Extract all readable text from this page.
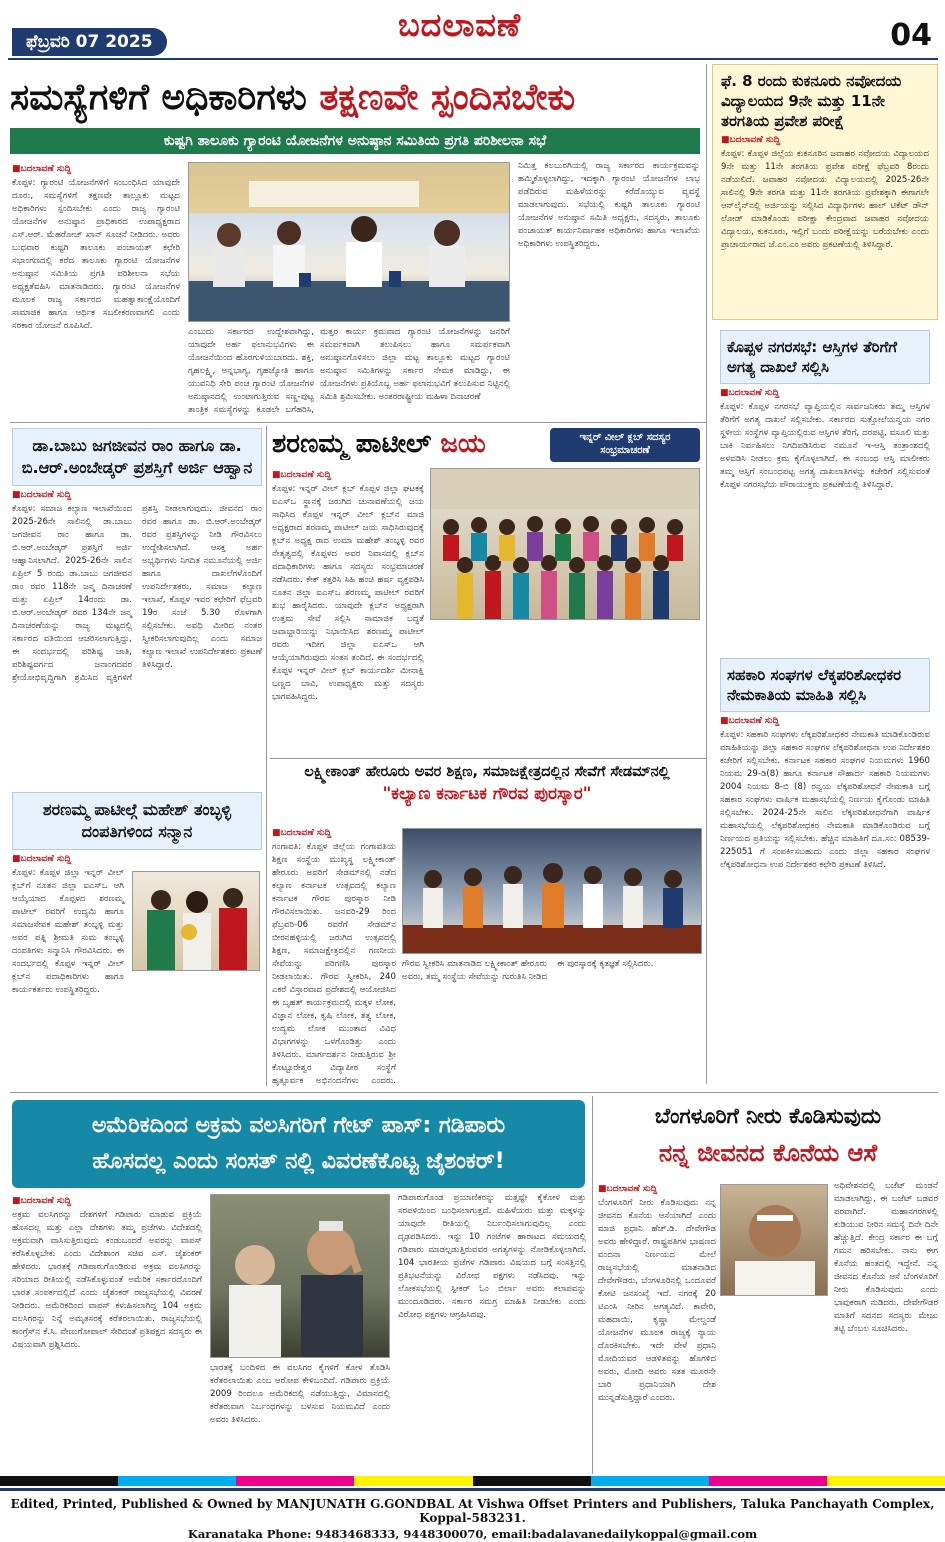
ಫೆಬ್ರವರಿ 07 2025	ಬದಲಾವಣೆ	04
ಸಮಸ್ಯೆಗಳಿಗೆ ಅಧಿಕಾರಿಗಳು ತಕ್ಷಣವೇ ಸ್ಪಂದಿಸಬೇಕು
ಕುಷ್ಟಗಿ ತಾಲೂಕು ಗ್ಯಾರಂಟಿ ಯೋಜನೆಗಳ ಅನುಷ್ಠಾನ ಸಮಿತಿಯ ಪ್ರಗತಿ ಪರಿಶೀಲನಾ ಸಭೆ
■ ಬದಲಾವಣೆ ಸುದ್ದಿ
ಕೊಪ್ಪಳ: ಗ್ಯಾರಂಟಿ ಯೋಜನೆಗಳಿಗೆ ಸಂಬಂಧಿಸಿದ ಯಾವುದೇ ದೂರು, ಸಮಸ್ಯೆಗಳಿಗೆ ತಕ್ಷಣವೇ ತಾಲ್ಲೂಕು ಮಟ್ಟದ ಅಧಿಕಾರಿಗಳು ಸ್ಪಂದಿಸಬೇಕು ಎಂದು ರಾಜ್ಯ ಗ್ಯಾರಂಟಿ ಯೋಜನೆಗಳ ಅನುಷ್ಠಾನ ಪ್ರಾಧಿಕಾರದ ಉಪಾಧ್ಯಕ್ಷರಾದ ಎಸ್.ಆರ್. ಮೆಹರೋಜ್ ಖಾನ್ ಸೂಚನೆ ನೀಡಿದರು. ಅವರು ಬುಧವಾರ ಕುಷ್ಟಗಿ ತಾಲೂಕು ಪಂಚಾಯತ್ ಕಛೇರಿ ಸಭಾಂಗಣದಲ್ಲಿ ಕರೆದ ತಾಲೂಕು ಗ್ಯಾರಂಟಿ ಯೋಜನೆಗಳ ಅನುಷ್ಠಾನ ಸಮಿತಿಯ ಪ್ರಗತಿ ಪರಿಶೀಲನಾ ಸಭೆಯ ಅಧ್ಯಕ್ಷತೆವಹಿಸಿ ಮಾತನಾಡಿದರು. ಗ್ಯಾರಂಟಿ ಯೋಜನೆಗಳ ಮೂಲಕ ರಾಜ್ಯ ಸರ್ಕಾರದ ಮಹತ್ವಾಕಾಂಕ್ಷೆಯೊಂದಿಗೆ ಸಾಮಾಜಿಕ ಹಾಗೂ ಆರ್ಥಿಕ ಸಬಲೀಕರಣವಾಗಲಿ ಎಂದು ಸರಕಾರ ಯೋಜನೆ ರೂಪಿಸಿದೆ.
ಎಂಬುದು ಸರ್ಕಾರದ ಉದ್ದೇಶವಾಗಿದ್ದು, ಯಾವುದೇ ಅರ್ಹ ಫಲಾನುಭವಿಗಳು ಈ ಯೋಜನೆಯಿಂದ ಹೊರಗುಳಿಯಬಾರದು. ಶಕ್ತಿ, ಗೃಹಲಕ್ಷ್ಮಿ, ಅನ್ನಭಾಗ್ಯ, ಗೃಹಜ್ಯೋತಿ ಹಾಗೂ ಯುವನಿಧಿ ಸೇರಿ ಪಂಚ ಗ್ಯಾರಂಟಿ ಯೋಜನೆಗಳ ಅನುಷ್ಠಾನದಲ್ಲಿ ಉಂಟಾಗುತ್ತಿರುವ ಸಣ್ಣ-ಪುಟ್ಟ ತಾಂತ್ರಿಕ ಸಮಸ್ಯೆಗಳನ್ನು ಕೂಡಲೇ ಬಗೆಹರಿಸಿ,
ಮತ್ತರ ಕಾರ್ಯ ಕ್ರಮವಾದ ಗ್ಯಾರಂಟಿ ಯೋಜನೆಗಳನ್ನು ಜನರಿಗೆ ಸಮರ್ಪಕವಾಗಿ ತಲುಪಿಸಲು ಹಾಗೂ ಸಮರ್ಪಕವಾಗಿ ಅನುಷ್ಠಾನಗೊಳಿಸಲು ಜಿಲ್ಲಾ ಮಟ್ಟ ತಾಲ್ಲೂಕು ಮಟ್ಟದ ಗ್ಯಾರಂಟಿ ಅನುಷ್ಠಾನ ಸಮಿತಿಗಳನ್ನು ಸರ್ಕಾರ ನೇಮಕ ಮಾಡಿದ್ದು, ಈ ಯೋಜನೆಗಳು ಪ್ರತಿಯೊಬ್ಬ ಅರ್ಹ ಫಲಾನುಭವಿಗೆ ತಲುಪಿಸುವ ನಿಟ್ಟಿನಲ್ಲಿ ಸಮಿತಿ ಶ್ರಮಿಸಬೇಕು. ಅಂತರರಾಷ್ಟ್ರೀಯ ಮಹಿಳಾ ದಿನಾಚರಣೆ
ನಿಮಿತ್ತ ಕಲಬುರಗಿಯಲ್ಲಿ ರಾಜ್ಯ ಸರ್ಕಾರದ ಕಾರ್ಯಕ್ರಮವನ್ನು ಹಮ್ಮಿಕೊಳ್ಳಲಾಗಿದ್ದು, ಇದಕ್ಕಾಗಿ ಗ್ಯಾರಂಟಿ ಯೋಜನೆಗಳ ಲಾಭ ಪಡೆದಿರುವ ಮಹಿಳೆಯರನ್ನು ಕರೆದೊಯ್ಯುವ ವ್ಯವಸ್ಥೆ ಮಾಡಲಾಗುವುದು. ಸಭೆಯಲ್ಲಿ ಕುಷ್ಟಗಿ ತಾಲೂಕು ಗ್ಯಾರಂಟಿ ಯೋಜನೆಗಳ ಅನುಷ್ಠಾನ ಸಮಿತಿ ಅಧ್ಯಕ್ಷರು, ಸದಸ್ಯರು, ತಾಲೂಕು ಪಂಚಾಯತ್ ಕಾರ್ಯನಿರ್ವಾಹಕ ಅಧಿಕಾರಿಗಳು ಹಾಗೂ ಇಲಾಖೆಯ ಅಧಿಕಾರಿಗಳು ಉಪಸ್ಥಿತರಿದ್ದರು.
ಫೆ. 8 ರಂದು ಕುಕನೂರು ನವೋದಯ ವಿದ್ಯಾಲಯದ 9ನೇ ಮತ್ತು 11ನೇ ತರಗತಿಯ ಪ್ರವೇಶ ಪರೀಕ್ಷೆ
■ ಬದಲಾವಣೆ ಸುದ್ದಿ
ಕೊಪ್ಪಳ: ಕೊಪ್ಪಳ ಜಿಲ್ಲೆಯ ಕುಕನೂರಿನ ಜವಾಹರ ನವೋದಯ ವಿದ್ಯಾಲಯದ 9ನೇ ಮತ್ತು 11ನೇ ತರಗತಿಯ ಪ್ರವೇಶ ಪರೀಕ್ಷೆ ಫೆಬ್ರವರಿ 8ರಂದು ನಡೆಯಲಿದೆ. ಜವಾಹರ ನವೋದಯ ವಿದ್ಯಾಲಯದಲ್ಲಿ 2025-26ನೇ ಸಾಲಿನಲ್ಲಿ 9ನೇ ತರಗತಿ ಮತ್ತು 11ನೇ ತರಗತಿಯ ಪ್ರವೇಶಕ್ಕಾಗಿ ಈಗಾಗಲೇ ಆನ್‌ಲೈನ್‌ನಲ್ಲಿ ಅರ್ಜಿಯನ್ನು ಸಲ್ಲಿಸಿದ ವಿದ್ಯಾರ್ಥಿಗಳು ಹಾಲ್ ಟಿಕೆಟ್ ಡೌನ್ ಲೋಡ್ ಮಾಡಿಕೊಂಡು ಪರೀಕ್ಷಾ ಕೇಂದ್ರವಾದ ಜವಾಹರ ನವೋದಯ ವಿದ್ಯಾಲಯ, ಕುಕನೂರು, ಇಲ್ಲಿಗೆ ಬಂದು ಪರೀಕ್ಷೆಯನ್ನು ಬರೆಯಬೇಕು ಎಂದು ಪ್ರಾಚಾರ್ಯರಾದ ಜೆ.ಎಂ.ಎಂ ಅವರು ಪ್ರಕಟಣೆಯಲ್ಲಿ ತಿಳಿಸಿದ್ದಾರೆ.
ಕೊಪ್ಪಳ ನಗರಸಭೆ: ಆಸ್ತಿಗಳ ತೆರಿಗೆಗೆ ಅಗತ್ಯ ದಾಖಲೆ ಸಲ್ಲಿಸಿ
■ ಬದಲಾವಣೆ ಸುದ್ದಿ
ಕೊಪ್ಪಳ: ಕೊಪ್ಪಳ ನಗರಸಭೆ ವ್ಯಾಪ್ತಿಯಲ್ಲಿನ ಸಾರ್ವಜನಿಕರು ತಮ್ಮ ಆಸ್ತಿಗಳ ತೆರಿಗೆಗೆ ಅಗತ್ಯ ದಾಖಲೆ ಸಲ್ಲಿಸಬೇಕು. ಸರ್ಕಾರದ ಸುತ್ತೋಲೆಯನ್ವಯ ನಗರ ಸ್ಥಳೀಯ ಸಂಸ್ಥೆಗಳ ವ್ಯಾಪ್ತಿಯಲ್ಲಿರುವ ಆಸ್ತಿಗಳ ತೆರಿಗೆ, ದರಪಟ್ಟಿ, ವಸೂಲಿ ಮತ್ತು ಬಾಕಿ ನಿರ್ವಹಿಸಲು ನಿಗದಿಪಡಿಸಿರುವ ನಮೂನೆ ಇ-ಆಸ್ತಿ ತಂತ್ರಾಂಶದಲ್ಲಿ ಅಳವಡಿಸಿ ನೀಡಲು ಕ್ರಮ ಕೈಗೊಳ್ಳಲಾಗಿದೆ. ಈ ಸಂಬಂಧ ಆಸ್ತಿ ಮಾಲೀಕರು ತಮ್ಮ ಆಸ್ತಿಗೆ ಸಂಬಂಧಪಟ್ಟ ಅಗತ್ಯ ದಾಖಲಾತಿಗಳನ್ನು ಕಚೇರಿಗೆ ಸಲ್ಲಿಸುವಂತೆ ಕೊಪ್ಪಳ ನಗರಸಭೆಯ ಪೌರಾಯುಕ್ತರು ಪ್ರಕಟಣೆಯಲ್ಲಿ ತಿಳಿಸಿದ್ದಾರೆ.
ಸಹಕಾರಿ ಸಂಘಗಳ ಲೆಕ್ಕಪರಿಶೋಧಕರ ನೇಮಕಾತಿಯ ಮಾಹಿತಿ ಸಲ್ಲಿಸಿ
■ ಬದಲಾವಣೆ ಸುದ್ದಿ
ಕೊಪ್ಪಳ: ಸಹಕಾರಿ ಸಂಘಗಳು ಲೆಕ್ಕಪರಿಶೋಧಕರ ನೇಮಕಾತಿ ಮಾಡಿಕೊಂಡಿರುವ ಮಾಹಿತಿಯನ್ನು ಜಿಲ್ಲಾ ಸಹಕಾರ ಸಂಘಗಳ ಲೆಕ್ಕಪರಿಶೋಧನಾ ಉಪ ನಿರ್ದೇಶಕರ ಕಚೇರಿಗೆ ಸಲ್ಲಿಸಬೇಕು. ಕರ್ನಾಟಕ ಸಹಕಾರ ಸಂಘಗಳ ನಿಯಮಗಳು 1960 ನಿಯಮ 29-ಡಿ(8) ಹಾಗೂ ಕರ್ನಾಟಕ ಸೌಹಾರ್ದ ಸಹಕಾರಿ ನಿಯಮಗಳು 2004 ನಿಯಮ 8-ಬಿ (8) ರನ್ವಯ ಲೆಕ್ಕಪರಿಶೋಧನೆ ನೇಮಕಾತಿ ಬಗ್ಗೆ ಸಹಕಾರ ಸಂಘಗಳು ವಾರ್ಷಿಕ ಮಹಾಸಭೆಯಲ್ಲಿ ನಿರ್ಣಯ ಕೈಗೊಂಡು ಮಾಹಿತಿ ಸಲ್ಲಿಸಬೇಕು. 2024-25ನೇ ಸಾಲಿನ ಲೆಕ್ಕಪರಿಶೋಧನೆಗಾಗಿ ವಾರ್ಷಿಕ ಮಹಾಸಭೆಯಲ್ಲಿ ಲೆಕ್ಕಪರಿಶೋಧಕರ ನೇಮಕಾತಿ ಮಾಡಿಕೊಂಡಿರುವ ಬಗ್ಗೆ ನಿರ್ಣಯದ ಪ್ರತಿಯನ್ನು ಸಲ್ಲಿಸಬೇಕು. ಹೆಚ್ಚಿನ ಮಾಹಿತಿಗೆ ದೂ.ಸಂ: 08539-225051 ಗೆ ಸಂಪರ್ಕಿಸಬಹುದು ಎಂದು ಜಿಲ್ಲಾ ಸಹಕಾರ ಸಂಘಗಳ ಲೆಕ್ಕಪರಿಶೋಧನಾ ಉಪ ನಿರ್ದೇಶಕರ ಕಛೇರಿ ಪ್ರಕಟಣೆ ತಿಳಿಸಿದೆ.
ಡಾ.ಬಾಬು ಜಗಜೀವನ ರಾಂ ಹಾಗೂ ಡಾ. ಬಿ.ಆರ್.ಅಂಬೇಡ್ಕರ್ ಪ್ರಶಸ್ತಿಗೆ ಅರ್ಜಿ ಆಹ್ವಾನ
■ ಬದಲಾವಣೆ ಸುದ್ದಿ
ಕೊಪ್ಪಳ: ಸಮಾಜ ಕಲ್ಯಾಣ ಇಲಾಖೆಯಿಂದ 2025-26ನೇ ಸಾಲಿನಲ್ಲಿ ಡಾ.ಬಾಬು ಜಗಜೀವನ ರಾಂ ಹಾಗೂ ಡಾ. ಬಿ.ಆರ್.ಅಂಬೇಡ್ಕರ್ ಪ್ರಶಸ್ತಿಗೆ ಅರ್ಜಿ ಆಹ್ವಾನಿಸಲಾಗಿದೆ. 2025-26ನೇ ಸಾಲಿನ ಏಪ್ರಿಲ್ 5 ರಂದು ಡಾ.ಬಾಬು ಜಗಜೀವನ ರಾಂ ರವರ 118ನೇ ಜನ್ಮ ದಿನಾಚರಣೆ ಮತ್ತು ಏಪ್ರಿಲ್ 14ರಂದು ಡಾ. ಬಿ.ಆರ್.ಅಂಬೇಡ್ಕರ್ ರವರ 134ನೇ ಜನ್ಮ ದಿನಾಚರಣೆಯನ್ನು ರಾಜ್ಯ ಮಟ್ಟದಲ್ಲಿ ಸರ್ಕಾರದ ವತಿಯಿಂದ ಆಚರಿಸಲಾಗುತ್ತಿದ್ದು, ಈ ಸಂದರ್ಭದಲ್ಲಿ ಪರಿಶಿಷ್ಟ ಜಾತಿ, ಪರಿಶಿಷ್ಟವರ್ಗದ ಜನಾಂಗದವರ ಶ್ರೇಯೋಭಿವೃದ್ಧಿಗಾಗಿ ಶ್ರಮಿಸಿದ ವ್ಯಕ್ತಿಗಳಿಗೆ ಪ್ರಶಸ್ತಿ ನೀಡಲಾಗುವುದು. ಜೀವನದ ರಾಂ ರವರ ಹಾಗೂ ಡಾ. ಬಿ.ಆರ್.ಅಂಬೇಡ್ಕರ್ ರವರ ಪ್ರಶಸ್ತಿಗಳನ್ನು ನೀಡಿ ಗೌರವಿಸಲು ಉದ್ದೇಶಿಸಲಾಗಿದೆ. ಆಸಕ್ತ ಅರ್ಹ ಅಭ್ಯರ್ಥಿಗಳು ನಿಗದಿತ ನಮೂನೆಯಲ್ಲಿ ಅರ್ಜಿ ಹಾಗೂ ದಾಖಲೆಗಳೊಂದಿಗೆ ಉಪನಿರ್ದೇಶಕರು, ಸಮಾಜ ಕಲ್ಯಾಣ ಇಲಾಖೆ, ಕೊಪ್ಪಳ ಇವರ ಕಛೇರಿಗೆ ಫೆಬ್ರವರಿ 19ರ ಸಂಜೆ 5.30 ರೊಳಗಾಗಿ ಸಲ್ಲಿಸಬೇಕು. ಅವಧಿ ಮೀರಿದ ನಂತರ ಸ್ವೀಕರಿಸಲಾಗುವುದಿಲ್ಲ ಎಂದು ಸಮಾಜ ಕಲ್ಯಾಣ ಇಲಾಖೆ ಉಪನಿರ್ದೇಶಕರು ಪ್ರಕಟಣೆ ತಿಳಿಸಿದ್ದಾರೆ.
ಶರಣಮ್ಮ ಪಾಟೀಲ್ಗೆ ಮಹೇಶ್ ತಂಬ್ಳಳ್ಳಿ ದಂಪತಿಗಳಿಂದ ಸನ್ಮಾನ
■ ಬದಲಾವಣೆ ಸುದ್ದಿ
ಕೊಪ್ಪಳ: ಕೊಪ್ಪಳ ಜಿಲ್ಲಾ ಇನ್ನರ್ ವೀಲ್ ಕ್ಲಬ್‌ಗೆ ನೂತನ ಜಿಲ್ಲಾ ಐಎಸ್‌ಒ ಆಗಿ ಆಯ್ಕೆಯಾದ ಕೊಪ್ಪಳದ ಶರಣಮ್ಮ ಪಾಟೀಲ್ ರವರಿಗೆ ಉದ್ಯಮಿ ಹಾಗೂ ಸಮಾಜಸೇವಕ ಮಹೇಶ್ ತಂಬ್ಳಳ್ಳಿ ಮತ್ತು ಅವರ ಪತ್ನಿ ಶ್ರೀಮತಿ ಸುಮ ತಂಬ್ಳಳ್ಳಿ ದಂಪತಿಗಳು ಸನ್ಮಾನಿಸಿ ಗೌರವಿಸಿದರು. ಈ ಸಂದರ್ಭದಲ್ಲಿ ಕೊಪ್ಪಳ ಇನ್ನರ್ ವೀಲ್ ಕ್ಲಬ್‌ನ ಪದಾಧಿಕಾರಿಗಳು ಹಾಗೂ ಕಾರ್ಯಕರ್ತರು ಉಪಸ್ಥಿತರಿದ್ದರು.
ಶರಣಮ್ಮ ಪಾಟೀಲ್ ಜಯ	ಇನ್ನರ್ ವೀಲ್ ಕ್ಲಬ್ ಸದಸ್ಯರ ಸಂಭ್ರಮಾಚರಣೆ
■ ಬದಲಾವಣೆ ಸುದ್ದಿ
ಕೊಪ್ಪಳ: ಇನ್ನರ್ ವೀಲ್ ಕ್ಲಬ್ ಕೊಪ್ಪಳ ಜಿಲ್ಲಾ ಘಟಕಕ್ಕೆ ಐಎಸ್‌ಒ ಸ್ಥಾನಕ್ಕೆ ಜರುಗಿದ ಚುನಾವಣೆಯಲ್ಲಿ ಜಯ ಸಾಧಿಸಿದ ಕೊಪ್ಪಳ ಇನ್ನರ್ ವೀಲ್ ಕ್ಲಬ್‌ನ ಮಾಜಿ ಅಧ್ಯಕ್ಷರಾದ ಶರಣಮ್ಮ ಪಾಟೀಲ್ ಜಯ ಸಾಧಿಸಿರುವುದಕ್ಕೆ ಕ್ಲಬ್‌ನ ಅಧ್ಯಕ್ಷ ರಾದ ಉಮಾ ಮಹೇಶ್ ತಂಬ್ಳಳ್ಳಿ ರವರ ನೇತೃತ್ವದಲ್ಲಿ ಕೊಪ್ಪಳದ ಅವರ ನಿವಾಸದಲ್ಲಿ ಕ್ಲಬ್‌ನ ಪದಾಧಿಕಾರಿಗಳು ಹಾಗೂ ಸದಸ್ಯರು ಸಂಭ್ರಮಾಚರಣೆ ನಡೆಸಿದರು. ಕೇಕ್ ಕತ್ತರಿಸಿ ಸಿಹಿ ಹಂಚಿ ಹರ್ಷ ವ್ಯಕ್ತಪಡಿಸಿ ನೂತನ ಜಿಲ್ಲಾ ಐಎಸ್‌ಒ ಶರಣಮ್ಮ ಪಾಟೀಲ್ ರವರಿಗೆ ಶುಭ ಹಾರೈಸಿದರು. ಯಾವುದೇ ಕ್ಲಬ್‌ನ ಅಧ್ಯಕ್ಷರಾಗಿ ಉತ್ತಮ ಸೇವೆ ಸಲ್ಲಿಸಿ ಸಾಮಾಜಿಕ ಬದ್ಧತೆ ಜವಾಬ್ದಾರಿಯನ್ನು ನಿಭಾಯಿಸಿದ ಶರಣಮ್ಮ ಪಾಟೀಲ್ ರವರು ಇದೀಗ ಜಿಲ್ಲಾ ಐಎಸ್‌ಒ ಆಗಿ ಆಯ್ಕೆಯಾಗಿರುವುದು ಸಂತಸ ತಂದಿದೆ. ಈ ಸಂದರ್ಭದಲ್ಲಿ ಕೊಪ್ಪಳ ಇನ್ನರ್ ವೀಲ್ ಕ್ಲಬ್ ಕಾರ್ಯದರ್ಶಿ ಮೀನಾಕ್ಷಿ ಬಣ್ಣದ ಬಾವಿ, ಉಪಾಧ್ಯಕ್ಷರು ಮತ್ತು ಸದಸ್ಯರು ಭಾಗವಹಿಸಿದ್ದರು.
ಲಕ್ಷ್ಮೀಕಾಂತ್ ಹೇರೂರು ಅವರ ಶಿಕ್ಷಣ, ಸಮಾಜಕ್ಷೇತ್ರದಲ್ಲಿನ ಸೇವೆಗೆ ಸೇಡಮ್‌ನಲ್ಲಿ
"ಕಲ್ಯಾಣ ಕರ್ನಾಟಕ ಗೌರವ ಪುರಸ್ಕಾರ"
■ ಬದಲಾವಣೆ ಸುದ್ದಿ
ಗಂಗಾವತಿ: ಕೊಪ್ಪಳ ಜಿಲ್ಲೆಯ ಗಂಗಾವತಿಯ ಶಿಕ್ಷಣ ಸಂಸ್ಥೆಯ ಮುಖ್ಯಸ್ಥ ಲಕ್ಷ್ಮೀಕಾಂತ್ ಹೇರೂರು ಅವರಿಗೆ ಸೇಡಮ್‌ನಲ್ಲಿ ನಡೆದ ಕಲ್ಯಾಣ ಕರ್ನಾಟಕ ಉತ್ಸವದಲ್ಲಿ ಕಲ್ಯಾಣ ಕರ್ನಾಟಕ ಗೌರವ ಪುರಸ್ಕಾರ ನೀಡಿ ಗೌರವಿಸಲಾಯಿತು. ಜನವರಿ-29 ರಿಂದ ಫೆಬ್ರವರಿ-06 ರವರೆಗೆ ಸೇಡಮ್‌ನ ಬೀರನಹಳ್ಳಿಯಲ್ಲಿ ಜರುಗಿದ ಉತ್ಸವದಲ್ಲಿ ಶಿಕ್ಷಣ, ಸಮಾಜಕ್ಷೇತ್ರದಲ್ಲಿನ ಗಣನೀಯ ಸೇವೆಯನ್ನು ಪರಿಗಣಿಸಿ ಪುರಸ್ಕಾರ ನೀಡಲಾಯಿತು. ಗೌರವ ಸ್ವೀಕರಿಸಿ, 240 ಎಕರೆ ವಿಸ್ತಾರವಾದ ಪ್ರದೇಶದಲ್ಲಿ ಆಯೋಜಿಸಿದ ಈ ಬೃಹತ್ ಕಾರ್ಯಕ್ರಮದಲ್ಲಿ ಮಕ್ಕಳ ಲೋಕ, ವಿಜ್ಞಾನ ಲೋಕ, ಕೃಷಿ ಲೋಕ, ತತ್ವ ಲೋಕ, ಉದ್ಯಮ ಲೋಕ ಮುಂತಾದ ವಿವಿಧ ವಿಭಾಗಗಳನ್ನು ಒಳಗೊಂಡಿತ್ತು ಎಂದು ತಿಳಿಸಿದರು. ಮಾರ್ಗದರ್ಶನ ನೀಡುತ್ತಿರುವ ಶ್ರೀ ಕೊಟ್ಟೂರೇಶ್ವರ ವಿದ್ಯಾಪೀಠ ಸಂಸ್ಥೆಗೆ ಹೃತ್ಪೂರ್ವಕ ಅಭಿನಂದನೆಗಳು ಎಂದರು.
ಗೌರವ ಸ್ವೀಕರಿಸಿ ಮಾತನಾಡಿದ ಲಕ್ಷ್ಮೀಕಾಂತ್ ಹೇರೂರು ಅವರು, ತಮ್ಮ ಸಂಸ್ಥೆಯ ಸೇವೆಯನ್ನು ಗುರುತಿಸಿ ನೀಡಿದ ಈ ಪುರಸ್ಕಾರಕ್ಕೆ ಕೃತಜ್ಞತೆ ಸಲ್ಲಿಸಿದರು.
ಅಮೆರಿಕದಿಂದ ಅಕ್ರಮ ವಲಸಿಗರಿಗೆ ಗೇಟ್ ಪಾಸ್: ಗಡಿಪಾರು
ಹೊಸದಲ್ಲ ಎಂದು ಸಂಸತ್ ನಲ್ಲಿ ವಿವರಣೆಕೊಟ್ಟ ಜೈಶಂಕರ್!
■ ಬದಲಾವಣೆ ಸುದ್ದಿ
ಅಕ್ರಮ ವಲಸಿಗರನ್ನು ದೇಶಗಳಿಗೆ ಗಡಿಪಾರು ಮಾಡುವ ಪ್ರಕ್ರಿಯೆ ಹೊಸದಲ್ಲ ಮತ್ತು ಎಲ್ಲಾ ದೇಶಗಳು ತಮ್ಮ ಪ್ರಜೆಗಳು ವಿದೇಶದಲ್ಲಿ ಅಕ್ರಮವಾಗಿ ವಾಸಿಸುತ್ತಿರುವುದು ಕಂಡುಬಂದರೆ ಅವರನ್ನು ವಾಪಸ್ ಕರೆಸಿಕೊಳ್ಳಬೇಕು ಎಂದು ವಿದೇಶಾಂಗ ಸಚಿವ ಎಸ್. ಜೈಶಂಕರ್ ಹೇಳಿದರು. ಭಾರತಕ್ಕೆ ಗಡಿಪಾರುಗೊಂಡಿರುವ ಅಕ್ರಮ ವಲಸಿಗರನ್ನು ಸರಿಯಾದ ರೀತಿಯಲ್ಲಿ ನಡೆಸಿಕೊಳ್ಳುವಂತೆ ಅಮೆರಿಕ ಸರ್ಕಾರದೊಂದಿಗೆ ಭಾರತ ಸಂಪರ್ಕದಲ್ಲಿದೆ ಎಂದು ಜೈಶಂಕರ್ ರಾಜ್ಯಸಭೆಯಲ್ಲಿ ವಿವರಣೆ ನೀಡಿದರು. ಅಮೆರಿಕದಿಂದ ವಾಪಸ್ ಕಳುಹಿಸಲಾಗಿದ್ದ 104 ಅಕ್ರಮ ವಲಸಿಗರನ್ನು ನಿನ್ನೆ ಅಮೃತಸರಕ್ಕೆ ಕರೆತರಲಾಯಿತು. ರಾಜ್ಯಸಭೆಯಲ್ಲಿ ಕಾಂಗ್ರೆಸ್‌ನ ಕೆ.ಸಿ. ವೇಣುಗೋಪಾಲ್ ಸೇರಿದಂತೆ ಪ್ರತಿಪಕ್ಷದ ಸದಸ್ಯರು ಈ ವಿಷಯವಾಗಿ ಪ್ರಶ್ನಿಸಿದರು.
ಭಾರತಕ್ಕೆ ಬಂದಿಳಿದ ಈ ವಲಸಿಗರ ಕೈಗಳಿಗೆ ಕೋಳ ತೊಡಿಸಿ ಕರೆತರಲಾಯಿತು ಎಂಬ ಆರೋಪ ಕೇಳಿಬಂದಿದೆ. ಗಡಿಪಾರು ಪ್ರಕ್ರಿಯೆ 2009 ರಿಂದಲೂ ಅಮೆರಿಕದಲ್ಲಿ ನಡೆಯುತ್ತಿದ್ದು, ವಿಮಾನದಲ್ಲಿ ಕರೆತರುವಾಗ ನಿರ್ಬಂಧಗಳನ್ನು ಬಳಸುವ ನಿಯಮವಿದೆ ಎಂದು ಅವರು ತಿಳಿಸಿದರು.
ಗಡಿಪಾರುಗೊಂಡ ಪ್ರಯಾಣಿಕರನ್ನು ಮತ್ತಷ್ಟೇ ಕೈಕೋಳ ಮತ್ತು ಸರಪಳಿಯಿಂದ ಬಂಧಿಸಲಾಗುತ್ತದೆ. ಮಹಿಳೆಯರು ಮತ್ತು ಮಕ್ಕಳನ್ನು ಯಾವುದೇ ರೀತಿಯಲ್ಲಿ ನಿರ್ಬಂಧಿಸಲಾಗುವುದಿಲ್ಲ ಎಂದು ದೃಢಪಡಿಸಿದರು. ಇನ್ನು 10 ಗಂಟೆಗಳ ಹಾರಾಟದ ಸಮಯದಲ್ಲಿ ಗಡಿಪಾರು ಮಾಡಲ್ಪಡುತ್ತಿರುವವರ ಅಗತ್ಯಗಳನ್ನು ನೋಡಿಕೊಳ್ಳಲಾಗಿದೆ. 104 ಭಾರತೀಯ ಪ್ರಜೆಗಳ ಗಡಿಪಾರು ವಿಷಯದ ಬಗ್ಗೆ ಸಂಸತ್ತಿನಲ್ಲಿ ಪ್ರತಿಭಟನೆಯನ್ನು ವಿರೋಧ ಪಕ್ಷಗಳು ನಡೆಸಿದವು. ಇನ್ನು ಲೋಕಸಭೆಯಲ್ಲಿ ಸ್ಪೀಕರ್ ಓಂ ಬಿರ್ಲಾ ಅವರು ಕಲಾಪವನ್ನು ಮುಂದೂಡಿದರು. ಸರ್ಕಾರ ಸಮಗ್ರ ಮಾಹಿತಿ ನೀಡಬೇಕು ಎಂದು ವಿರೋಧ ಪಕ್ಷಗಳು ಆಗ್ರಹಿಸಿದವು.
ಬೆಂಗಳೂರಿಗೆ ನೀರು ಕೊಡಿಸುವುದು
ನನ್ನ ಜೀವನದ ಕೊನೆಯ ಆಸೆ
■ ಬದಲಾವಣೆ ಸುದ್ದಿ
ಬೆಂಗಳೂರಿಗೆ ನೀರು ಕೊಡಿಸುವುದು ನನ್ನ ಜೀವನದ ಕೊನೆಯ ಆಸೆಯಾಗಿದೆ ಎಂದು ಮಾಜಿ ಪ್ರಧಾನಿ ಹೆಚ್.ಡಿ. ದೇವೇಗೌಡ ಅವರು ಹೇಳಿದ್ದಾರೆ. ರಾಷ್ಟ್ರಪತಿಗಳ ಭಾಷಣದ ವಂದನಾ ನಿರ್ಣಯದ ಮೇಲೆ ರಾಜ್ಯಸಭೆಯಲ್ಲಿ ಮಾತನಾಡಿದ ದೇವೇಗೌಡರು, ಬೆಂಗಳೂರಿನಲ್ಲಿ ಒಂದೂವರೆ ಕೋಟಿ ಜನಸಂಖ್ಯೆ ಇದೆ. ನಗರಕ್ಕೆ 20 ಟಿಎಂಸಿ ನೀರಿನ ಅಗತ್ಯವಿದೆ. ಕಾವೇರಿ, ಮಹದಾಯಿ, ಕೃಷ್ಣಾ ಮೇಲ್ದಂಡೆ ಯೋಜನೆಗಳ ಮೂಲಕ ರಾಜ್ಯಕ್ಕೆ ನ್ಯಾಯ ದೊರಕಿಸಬೇಕು. ಇದೇ ವೇಳೆ ಪ್ರಧಾನಿ ಮೋದಿಯವರ ಆಡಳಿತವನ್ನು ಹೊಗಳಿದ ಅವರು, ಮೋದಿ ಅವರು ಸತತ ಮೂರನೇ ಬಾರಿ ಪ್ರಧಾನಿಯಾಗಿ ದೇಶ ಮುನ್ನಡೆಸುತ್ತಿದ್ದಾರೆ ಎಂದರು.
ಅಧಿವೇಶನದಲ್ಲಿ ಬಜೆಟ್ ಮಂಡನೆ ಮಾಡಲಾಗಿದ್ದು, ಈ ಬಜೆಟ್ ಬಡವರ ಪರವಾಗಿದೆ. ಮಹಾನಗರಗಳಲ್ಲಿ ಕುಡಿಯುವ ನೀರಿನ ಸಮಸ್ಯೆ ದಿನೇ ದಿನೇ ಹೆಚ್ಚುತ್ತಿದೆ. ಕೇಂದ್ರ ಸರ್ಕಾರ ಈ ಬಗ್ಗೆ ಗಮನ ಹರಿಸಬೇಕು. ನಾನು ಈಗ ಕೊನೆಯ ಹಂತದಲ್ಲಿ ಇದ್ದೇನೆ. ನನ್ನ ಜೀವನದ ಕೊನೆಯ ಆಸೆ ಬೆಂಗಳೂರಿಗೆ ನೀರು ಕೊಡಿಸುವುದು ಎಂದು ಭಾವುಕರಾಗಿ ನುಡಿದರು. ದೇವೇಗೌಡರ ಮಾತಿಗೆ ಸದನದ ಸದಸ್ಯರು ಮೇಜು ತಟ್ಟಿ ಬೆಂಬಲ ಸೂಚಿಸಿದರು.
Edited, Printed, Published & Owned by MANJUNATH G.GONDBAL At Vishwa Offset Printers and Publishers, Taluka Panchayath Complex, Koppal-583231.
Karanataka Phone: 9483468333, 9448300070, email:badalavanedailykoppal@gmail.com
